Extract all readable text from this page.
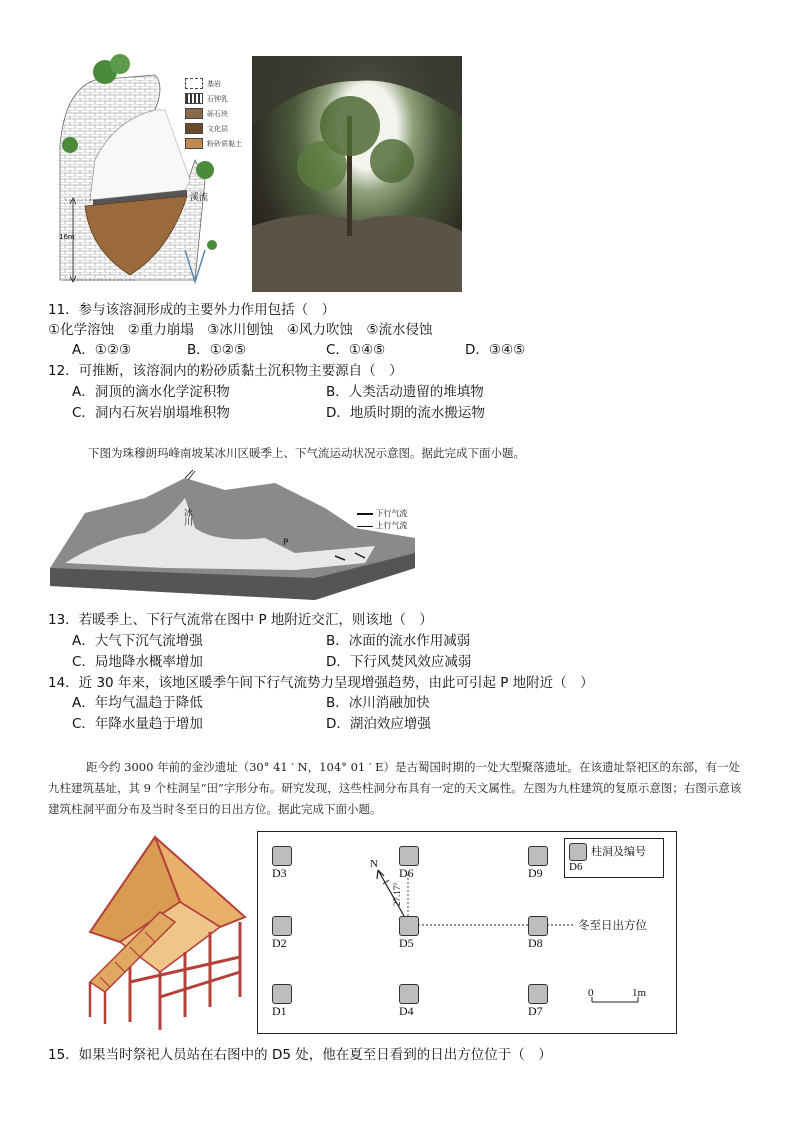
16m
溪流
基岩
石钟乳
砾石块
文化层
粉砂质黏土
11．参与该溶洞形成的主要外力作用包括（　）
①化学溶蚀　②重力崩塌　③冰川刨蚀　④风力吹蚀　⑤流水侵蚀
A．①②③	B．①②⑤	C．①④⑤	D．③④⑤
12．可推断，该溶洞内的粉砂质黏土沉积物主要源自（　）
A．洞顶的滴水化学淀积物	B．人类活动遗留的堆填物
C．洞内石灰岩崩塌堆积物	D．地质时期的流水搬运物
下图为珠穆朗玛峰南坡某冰川区暖季上、下气流运动状况示意图。据此完成下面小题。
冰川
P
下行气流
上行气流
13．若暖季上、下行气流常在图中 P 地附近交汇，则该地（　）
A．大气下沉气流增强	B．冰面的流水作用减弱
C．局地降水概率增加	D．下行风焚风效应减弱
14．近 30 年来，该地区暖季午间下行气流势力呈现增强趋势，由此可引起 P 地附近（　）
A．年均气温趋于降低	B．冰川消融加快
C．年降水量趋于增加	D．湖泊效应增强
距今约 3000 年前的金沙遗址（30° 41 ′ N，104° 01 ′ E）是古蜀国时期的一处大型聚落遗址。在该遗址祭祀区的东部，有一处九柱建筑基址，其 9 个柱洞呈“田”字形分布。研究发现，这些柱洞分布具有一定的天文属性。左图为九柱建筑的复原示意图；右图示意该建筑柱洞平面分布及当时冬至日的日出方位。据此完成下面小题。
D3	D6	D9
D2	D5	D8
D1	D4	D7
N
27.17°
冬至日出方位
0	1m
柱洞及编号
D6
15．如果当时祭祀人员站在右图中的 D5 处，他在夏至日看到的日出方位位于（　）
